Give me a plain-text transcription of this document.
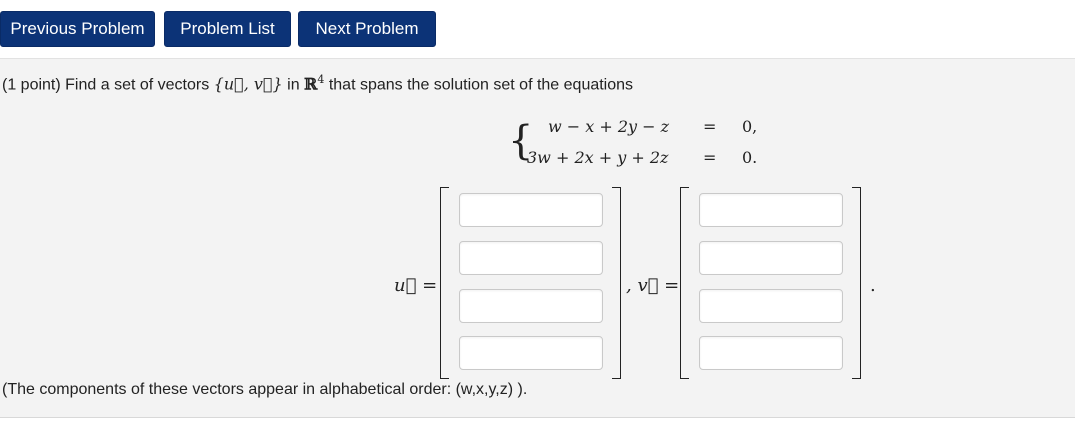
Previous Problem	Problem List	Next Problem
(1 point) Find a set of vectors {u⃗, v⃗} in ℝ$^4$ that spans the solution set of the equations
{ w − x + 2y − z = 0,
3w + 2x + y + 2z = 0.
u⃗ =	, v⃗ =	.
(The components of these vectors appear in alphabetical order: (w,x,y,z) ).
